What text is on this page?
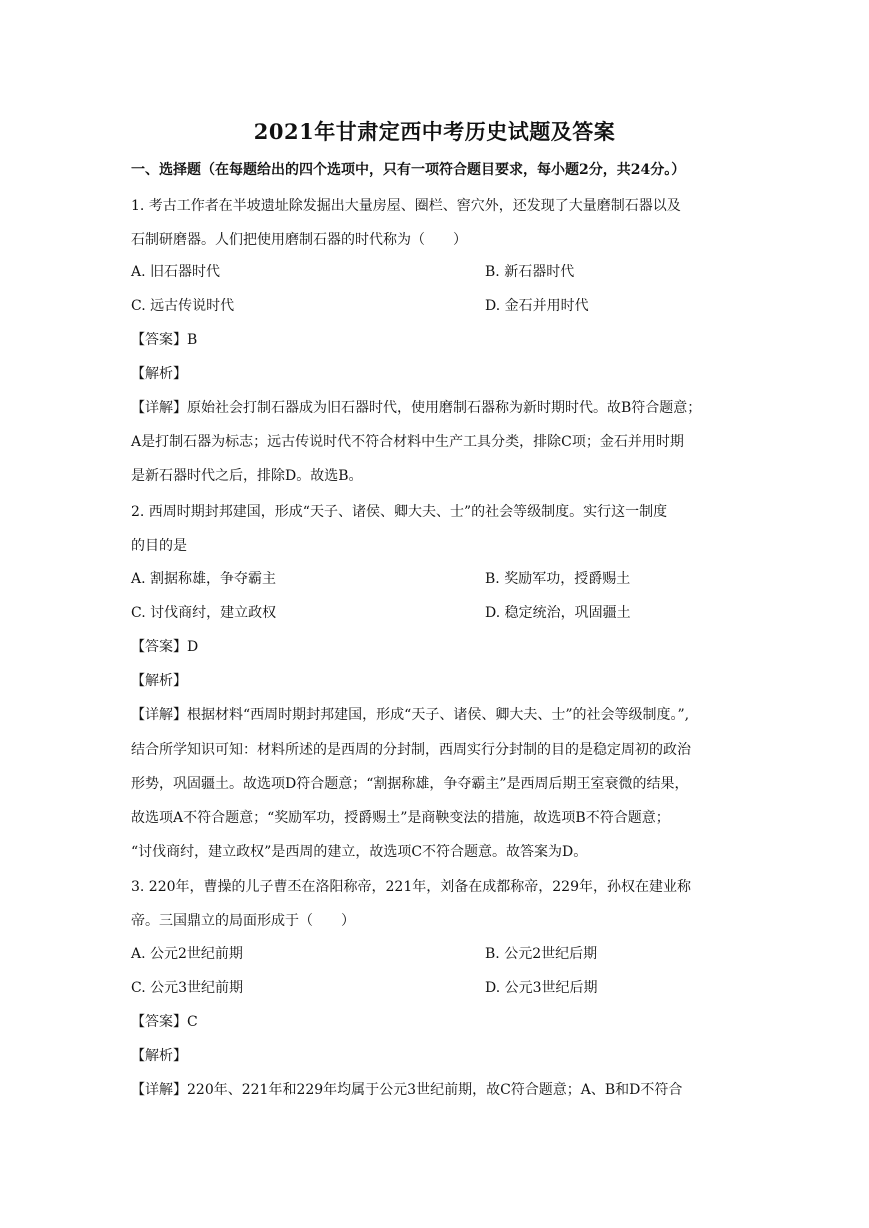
2021年甘肃定西中考历史试题及答案
一、选择题（在每题给出的四个选项中，只有一项符合题目要求，每小题2分，共24分。）
1. 考古工作者在半坡遗址除发掘出大量房屋、圈栏、窖穴外，还发现了大量磨制石器以及
石制研磨器。人们把使用磨制石器的时代称为（　　）
A. 旧石器时代	B. 新石器时代
C. 远古传说时代	D. 金石并用时代
【答案】B
【解析】
【详解】原始社会打制石器成为旧石器时代，使用磨制石器称为新时期时代。故B符合题意；
A是打制石器为标志；远古传说时代不符合材料中生产工具分类，排除C项；金石并用时期
是新石器时代之后，排除D。故选B。
2. 西周时期封邦建国，形成“天子、诸侯、卿大夫、士”的社会等级制度。实行这一制度
的目的是
A. 割据称雄，争夺霸主	B. 奖励军功，授爵赐土
C. 讨伐商纣，建立政权	D. 稳定统治，巩固疆土
【答案】D
【解析】
【详解】根据材料“西周时期封邦建国，形成“天子、诸侯、卿大夫、士”的社会等级制度。”,
结合所学知识可知：材料所述的是西周的分封制，西周实行分封制的目的是稳定周初的政治
形势，巩固疆土。故选项D符合题意；“割据称雄，争夺霸主”是西周后期王室衰微的结果，
故选项A不符合题意；“奖励军功，授爵赐土”是商鞅变法的措施，故选项B不符合题意；
“讨伐商纣，建立政权”是西周的建立，故选项C不符合题意。故答案为D。
3. 220年，曹操的儿子曹丕在洛阳称帝，221年，刘备在成都称帝，229年，孙权在建业称
帝。三国鼎立的局面形成于（　　）
A. 公元2世纪前期	B. 公元2世纪后期
C. 公元3世纪前期	D. 公元3世纪后期
【答案】C
【解析】
【详解】220年、221年和229年均属于公元3世纪前期，故C符合题意；A、B和D不符合
